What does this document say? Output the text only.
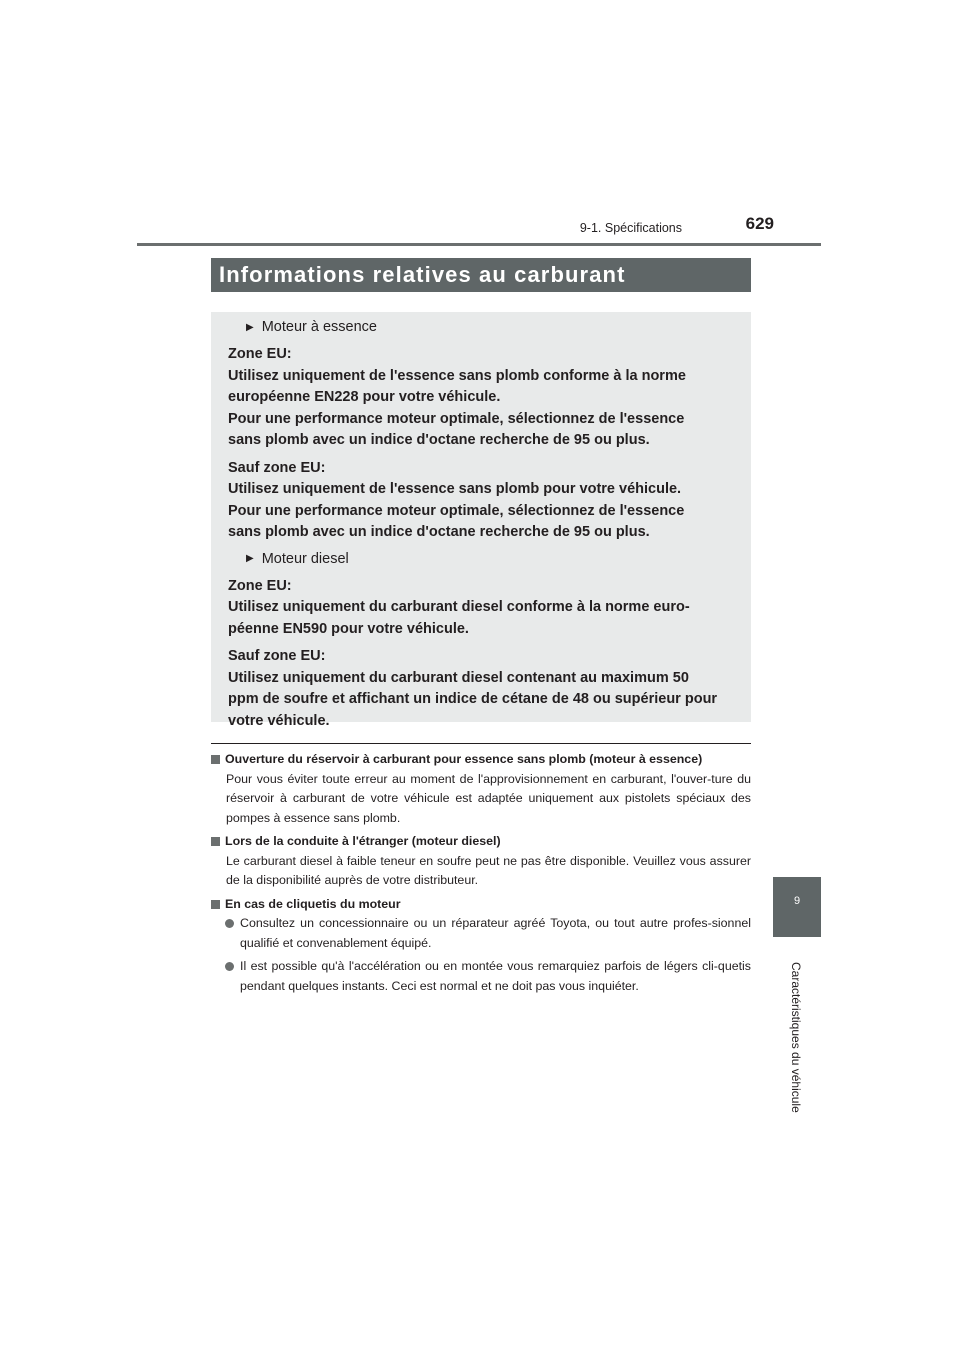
9-1. Spécifications	629
9
Caractéristiques du véhicule
Informations relatives au carburant
▶ Moteur à essence
Zone EU:
Utilisez uniquement de l'essence sans plomb conforme à la norme
européenne EN228 pour votre véhicule.
Pour une performance moteur optimale, sélectionnez de l'essence
sans plomb avec un indice d'octane recherche de 95 ou plus.
Sauf zone EU:
Utilisez uniquement de l'essence sans plomb pour votre véhicule.
Pour une performance moteur optimale, sélectionnez de l'essence
sans plomb avec un indice d'octane recherche de 95 ou plus.
▶ Moteur diesel
Zone EU:
Utilisez uniquement du carburant diesel conforme à la norme euro-
péenne EN590 pour votre véhicule.
Sauf zone EU:
Utilisez uniquement du carburant diesel contenant au maximum 50
ppm de soufre et affichant un indice de cétane de 48 ou supérieur pour
votre véhicule.
Ouverture du réservoir à carburant pour essence sans plomb (moteur à essence)
Pour vous éviter toute erreur au moment de l'approvisionnement en carburant, l'ouver-ture du réservoir à carburant de votre véhicule est adaptée uniquement aux pistolets spéciaux des pompes à essence sans plomb.
Lors de la conduite à l'étranger (moteur diesel)
Le carburant diesel à faible teneur en soufre peut ne pas être disponible. Veuillez vous assurer de la disponibilité auprès de votre distributeur.
En cas de cliquetis du moteur
Consultez un concessionnaire ou un réparateur agréé Toyota, ou tout autre profes-sionnel qualifié et convenablement équipé.
Il est possible qu'à l'accélération ou en montée vous remarquiez parfois de légers cli-quetis pendant quelques instants. Ceci est normal et ne doit pas vous inquiéter.
